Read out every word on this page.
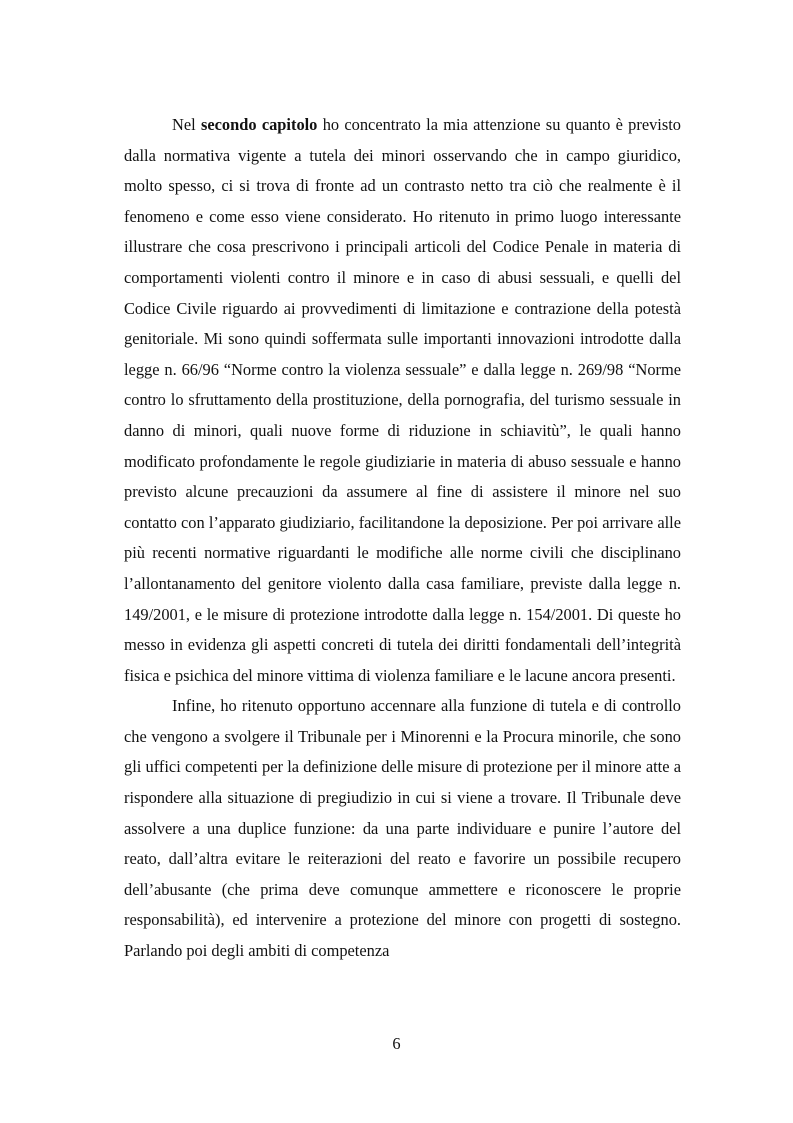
Nel secondo capitolo ho concentrato la mia attenzione su quanto è previsto dalla normativa vigente a tutela dei minori osservando che in campo giuridico, molto spesso, ci si trova di fronte ad un contrasto netto tra ciò che realmente è il fenomeno e come esso viene considerato. Ho ritenuto in primo luogo interessante illustrare che cosa prescrivono i principali articoli del Codice Penale in materia di comportamenti violenti contro il minore e in caso di abusi sessuali, e quelli del Codice Civile riguardo ai provvedimenti di limitazione e contrazione della potestà genitoriale. Mi sono quindi soffermata sulle importanti innovazioni introdotte dalla legge n. 66/96 “Norme contro la violenza sessuale” e dalla legge n. 269/98 “Norme contro lo sfruttamento della prostituzione, della pornografia, del turismo sessuale in danno di minori, quali nuove forme di riduzione in schiavitù”, le quali hanno modificato profondamente le regole giudiziarie in materia di abuso sessuale e hanno previsto alcune precauzioni da assumere al fine di assistere il minore nel suo contatto con l’apparato giudiziario, facilitandone la deposizione. Per poi arrivare alle più recenti normative riguardanti le modifiche alle norme civili che disciplinano l’allontanamento del genitore violento dalla casa familiare, previste dalla legge n. 149/2001, e le misure di protezione introdotte dalla legge n. 154/2001. Di queste ho messo in evidenza gli aspetti concreti di tutela dei diritti fondamentali dell’integrità fisica e psichica del minore vittima di violenza familiare e le lacune ancora presenti.

Infine, ho ritenuto opportuno accennare alla funzione di tutela e di controllo che vengono a svolgere il Tribunale per i Minorenni e la Procura minorile, che sono gli uffici competenti per la definizione delle misure di protezione per il minore atte a rispondere alla situazione di pregiudizio in cui si viene a trovare. Il Tribunale deve assolvere a una duplice funzione: da una parte individuare e punire l’autore del reato, dall’altra evitare le reiterazioni del reato e favorire un possibile recupero dell’abusante (che prima deve comunque ammettere e riconoscere le proprie responsabilità), ed intervenire a protezione del minore con progetti di sostegno. Parlando poi degli ambiti di competenza

6
